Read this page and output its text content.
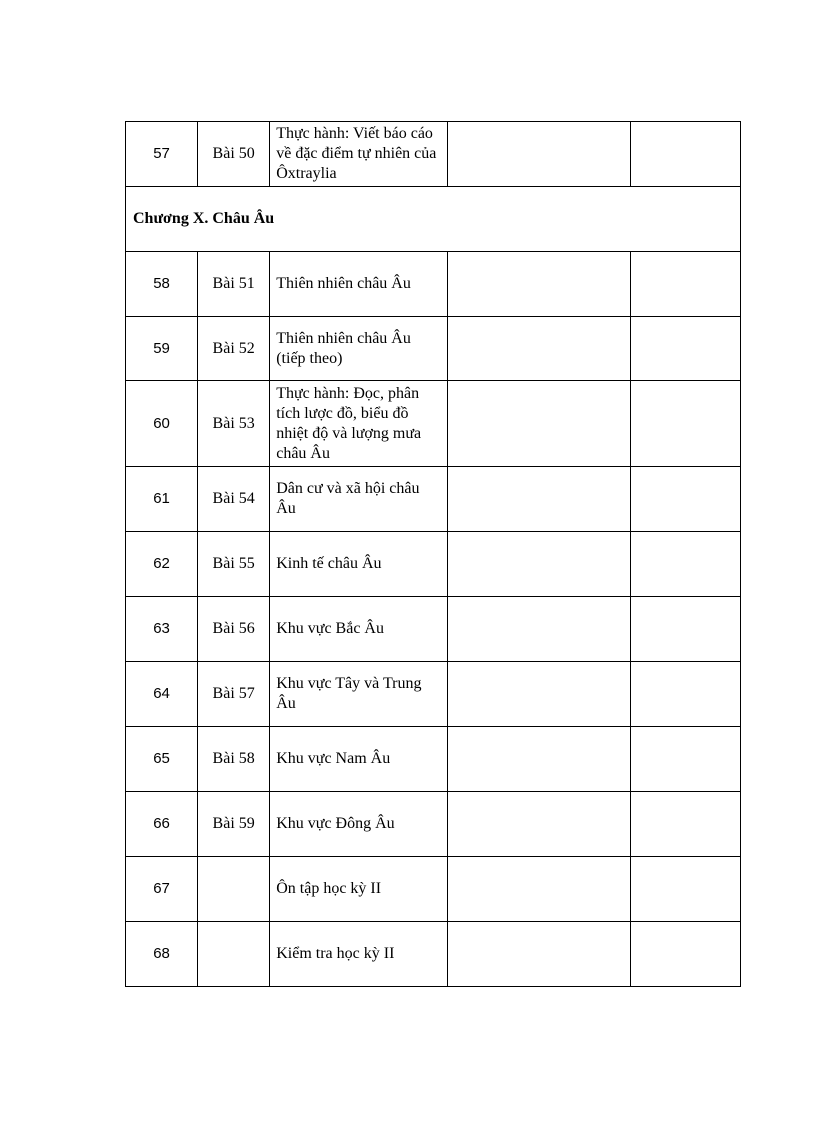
57	Bài 50	Thực hành: Viết báo cáo về đặc điểm tự nhiên của Ôxtraylia		
Chương X. Châu Âu				
58	Bài 51	Thiên nhiên châu Âu		
59	Bài 52	Thiên nhiên châu Âu (tiếp theo)		
60	Bài 53	Thực hành: Đọc, phân tích lược đồ, biểu đồ nhiệt độ và lượng mưa châu Âu		
61	Bài 54	Dân cư và xã hội châu Âu		
62	Bài 55	Kinh tế châu Âu		
63	Bài 56	Khu vực Bắc Âu		
64	Bài 57	Khu vực Tây và Trung Âu		
65	Bài 58	Khu vực Nam Âu		
66	Bài 59	Khu vực Đông Âu		
67		Ôn tập học kỳ II		
68		Kiểm tra học kỳ II		
